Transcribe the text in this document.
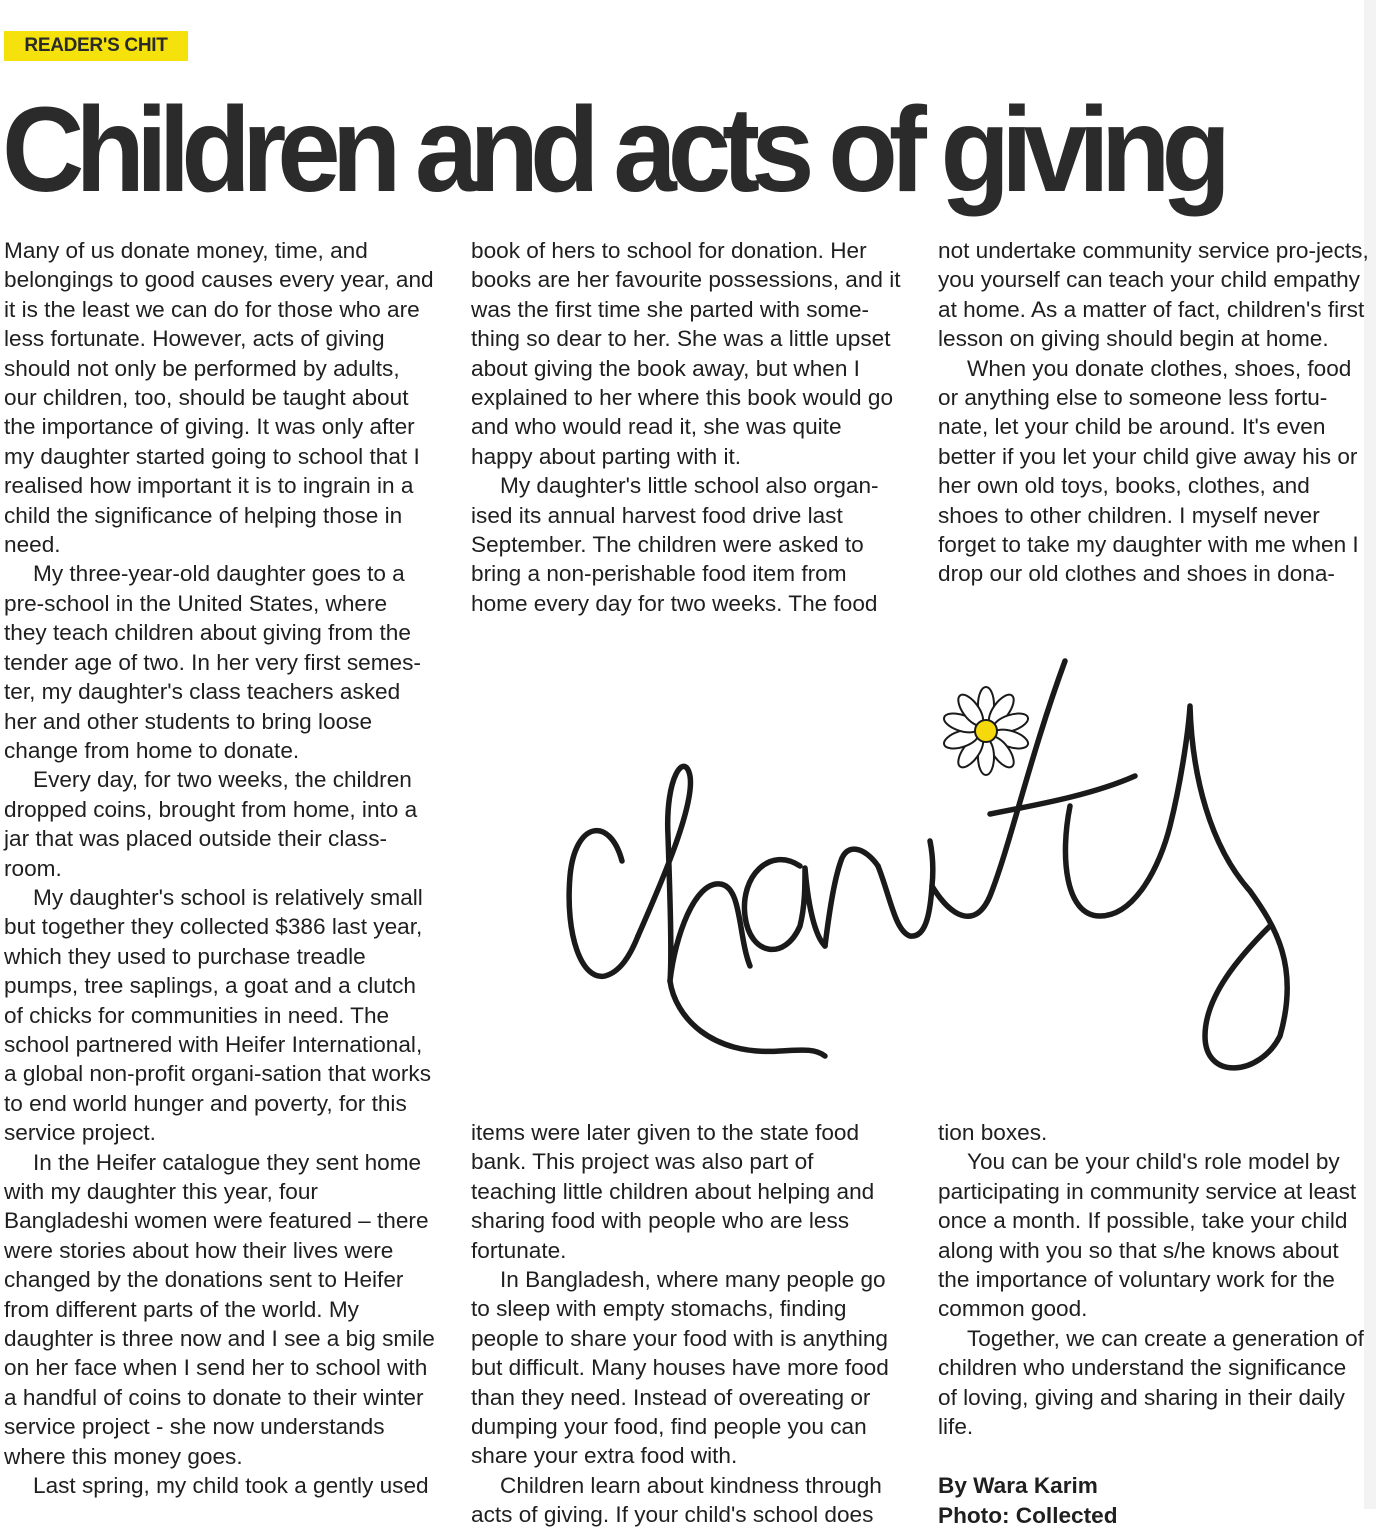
READER'S CHIT
Children and acts of giving

Many of us donate money, time, and belongings to good causes every year, and it is the least we can do for those who are less fortunate. However, acts of giving should not only be performed by adults, our children, too, should be taught about the importance of giving. It was only after my daughter started going to school that I realised how important it is to ingrain in a child the significance of helping those in need.

My three-year-old daughter goes to a pre-school in the United States, where they teach children about giving from the tender age of two. In her very first semes-ter, my daughter's class teachers asked her and other students to bring loose change from home to donate.

Every day, for two weeks, the children dropped coins, brought from home, into a jar that was placed outside their class-room.

My daughter's school is relatively small but together they collected $386 last year, which they used to purchase treadle pumps, tree saplings, a goat and a clutch of chicks for communities in need. The school partnered with Heifer International, a global non-profit organi-sation that works to end world hunger and poverty, for this service project.

In the Heifer catalogue they sent home with my daughter this year, four Bangladeshi women were featured – there were stories about how their lives were changed by the donations sent to Heifer from different parts of the world. My daughter is three now and I see a big smile on her face when I send her to school with a handful of coins to donate to their winter service project - she now understands where this money goes.

Last spring, my child took a gently used

book of hers to school for donation. Her books are her favourite possessions, and it was the first time she parted with some-thing so dear to her. She was a little upset about giving the book away, but when I explained to her where this book would go and who would read it, she was quite happy about parting with it.

My daughter's little school also organ-ised its annual harvest food drive last September. The children were asked to bring a non-perishable food item from home every day for two weeks. The food

not undertake community service pro-jects, you yourself can teach your child empathy at home. As a matter of fact, children's first lesson on giving should begin at home.

When you donate clothes, shoes, food or anything else to someone less fortu-nate, let your child be around. It's even better if you let your child give away his or her own old toys, books, clothes, and shoes to other children. I myself never forget to take my daughter with me when I drop our old clothes and shoes in dona-

items were later given to the state food bank. This project was also part of teaching little children about helping and sharing food with people who are less fortunate.

In Bangladesh, where many people go to sleep with empty stomachs, finding people to share your food with is anything but difficult. Many houses have more food than they need. Instead of overeating or dumping your food, find people you can share your extra food with.

Children learn about kindness through acts of giving. If your child's school does

tion boxes.

You can be your child's role model by participating in community service at least once a month. If possible, take your child along with you so that s/he knows about the importance of voluntary work for the common good.

Together, we can create a generation of children who understand the significance of loving, giving and sharing in their daily life.

By Wara Karim

Photo: Collected
